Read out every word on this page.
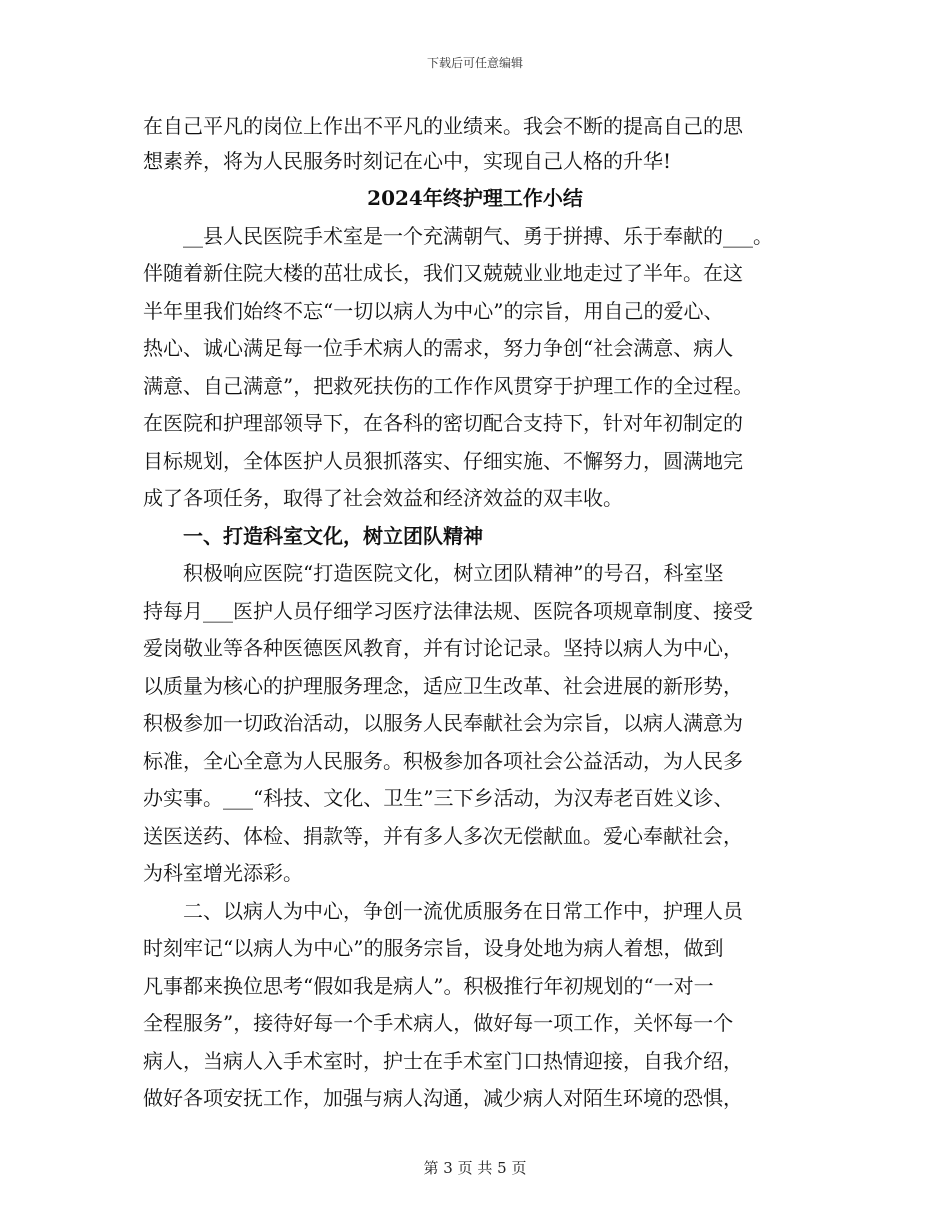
下载后可任意编辑
在自己平凡的岗位上作出不平凡的业绩来。我会不断的提高自己的思
想素养，将为人民服务时刻记在心中，实现自己人格的升华!
2024年终护理工作小结
　　__县人民医院手术室是一个充满朝气、勇于拼搏、乐于奉献的___。
伴随着新住院大楼的茁壮成长，我们又兢兢业业地走过了半年。在这
半年里我们始终不忘“一切以病人为中心”的宗旨，用自己的爱心、
热心、诚心满足每一位手术病人的需求，努力争创“社会满意、病人
满意、自己满意”，把救死扶伤的工作作风贯穿于护理工作的全过程。
在医院和护理部领导下，在各科的密切配合支持下，针对年初制定的
目标规划，全体医护人员狠抓落实、仔细实施、不懈努力，圆满地完
成了各项任务，取得了社会效益和经济效益的双丰收。
　　一、打造科室文化，树立团队精神
　　积极响应医院“打造医院文化，树立团队精神”的号召，科室坚
持每月___医护人员仔细学习医疗法律法规、医院各项规章制度、接受
爱岗敬业等各种医德医风教育，并有讨论记录。坚持以病人为中心，
以质量为核心的护理服务理念，适应卫生改革、社会进展的新形势，
积极参加一切政治活动，以服务人民奉献社会为宗旨，以病人满意为
标准，全心全意为人民服务。积极参加各项社会公益活动，为人民多
办实事。___“科技、文化、卫生”三下乡活动，为汉寿老百姓义诊、
送医送药、体检、捐款等，并有多人多次无偿献血。爱心奉献社会，
为科室增光添彩。
　　二、以病人为中心，争创一流优质服务在日常工作中，护理人员
时刻牢记“以病人为中心”的服务宗旨，设身处地为病人着想，做到
凡事都来换位思考“假如我是病人”。积极推行年初规划的“一对一
全程服务”，接待好每一个手术病人，做好每一项工作，关怀每一个
病人，当病人入手术室时，护士在手术室门口热情迎接，自我介绍，
做好各项安抚工作，加强与病人沟通，减少病人对陌生环境的恐惧，
第 3 页 共 5 页
